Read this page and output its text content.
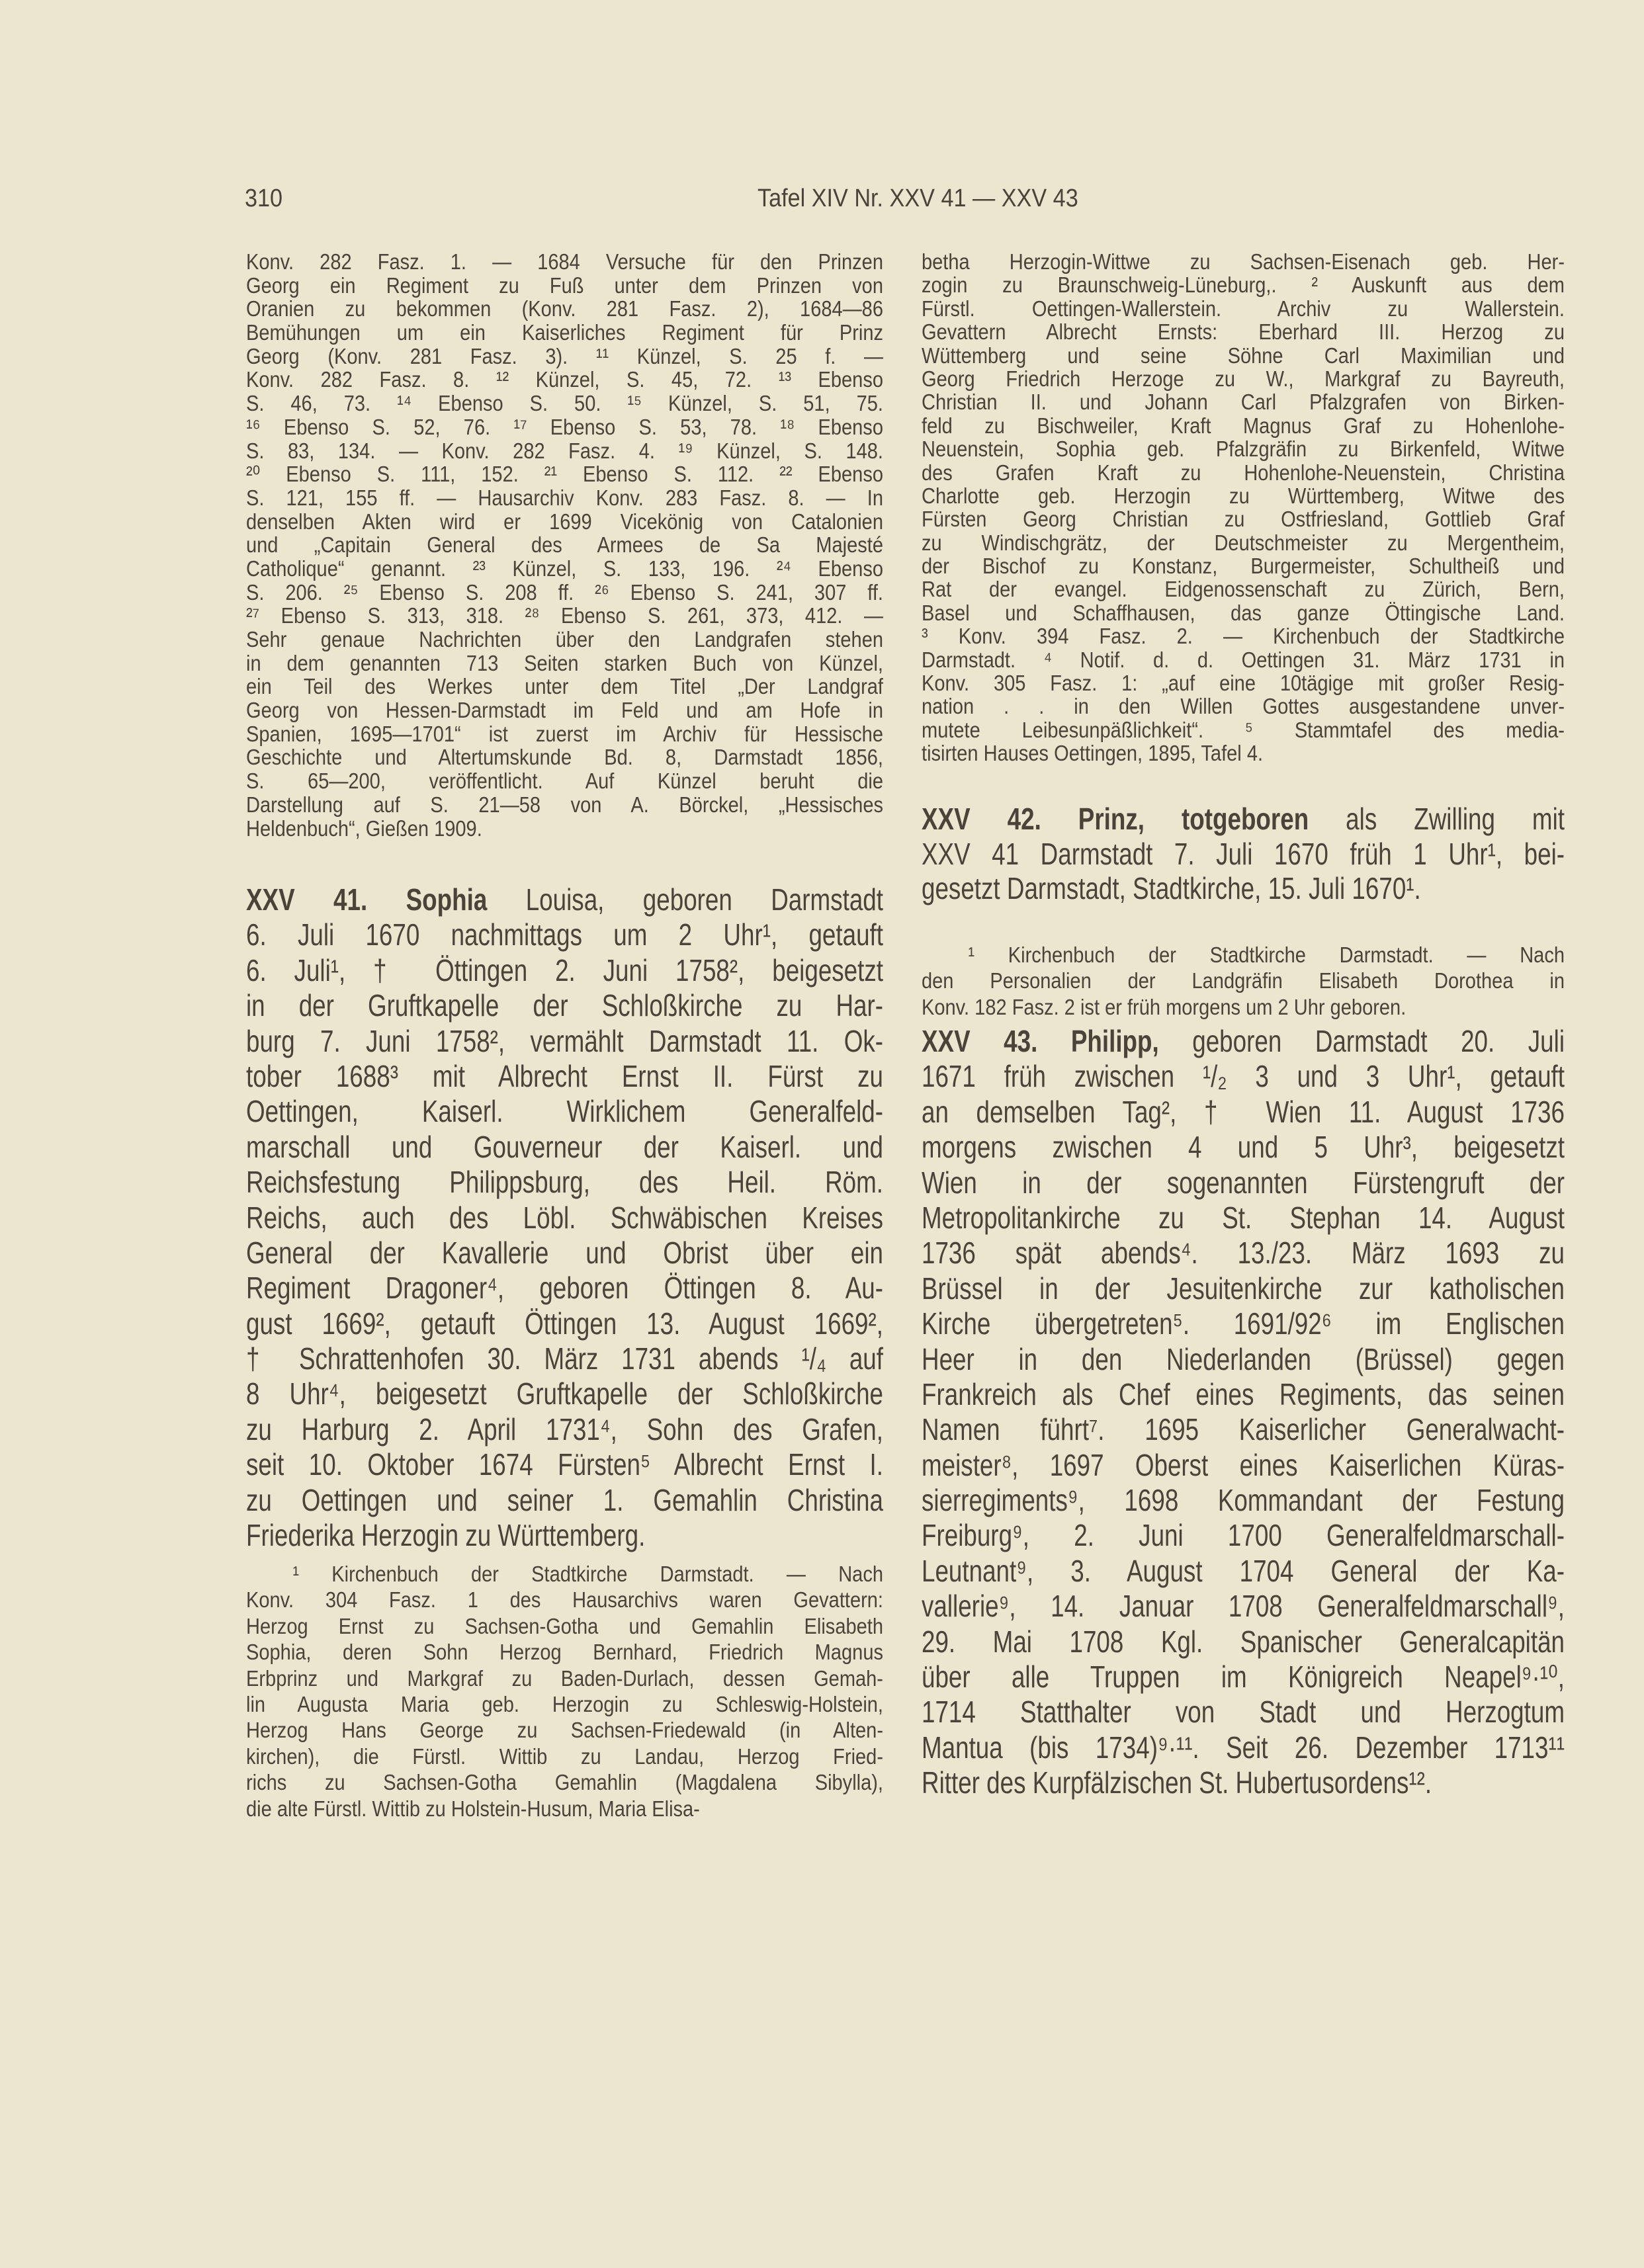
310	Tafel XIV Nr. XXV 41 — XXV 43
Konv. 282 Fasz. 1. — 1684 Versuche für den Prinzen
Georg ein Regiment zu Fuß unter dem Prinzen von
Oranien zu bekommen (Konv. 281 Fasz. 2), 1684—86
Bemühungen um ein Kaiserliches Regiment für Prinz
Georg (Konv. 281 Fasz. 3). ¹¹ Künzel, S. 25 f. —
Konv. 282 Fasz. 8. ¹² Künzel, S. 45, 72. ¹³ Ebenso
S. 46, 73. ¹⁴ Ebenso S. 50. ¹⁵ Künzel, S. 51, 75.
¹⁶ Ebenso S. 52, 76. ¹⁷ Ebenso S. 53, 78. ¹⁸ Ebenso
S. 83, 134. — Konv. 282 Fasz. 4. ¹⁹ Künzel, S. 148.
²⁰ Ebenso S. 111, 152. ²¹ Ebenso S. 112. ²² Ebenso
S. 121, 155 ff. — Hausarchiv Konv. 283 Fasz. 8. — In
denselben Akten wird er 1699 Vicekönig von Catalonien
und „Capitain General des Armees de Sa Majesté
Catholique“ genannt. ²³ Künzel, S. 133, 196. ²⁴ Ebenso
S. 206. ²⁵ Ebenso S. 208 ff. ²⁶ Ebenso S. 241, 307 ff.
²⁷ Ebenso S. 313, 318. ²⁸ Ebenso S. 261, 373, 412. —
Sehr genaue Nachrichten über den Landgrafen stehen
in dem genannten 713 Seiten starken Buch von Künzel,
ein Teil des Werkes unter dem Titel „Der Landgraf
Georg von Hessen-Darmstadt im Feld und am Hofe in
Spanien, 1695—1701“ ist zuerst im Archiv für Hessische
Geschichte und Altertumskunde Bd. 8, Darmstadt 1856,
S. 65—200, veröffentlicht. Auf Künzel beruht die
Darstellung auf S. 21—58 von A. Börckel, „Hessisches
Heldenbuch“, Gießen 1909.
XXV 41. Sophia Louisa, geboren Darmstadt
6. Juli 1670 nachmittags um 2 Uhr¹, getauft
6. Juli¹, † Öttingen 2. Juni 1758², beigesetzt
in der Gruftkapelle der Schloßkirche zu Har-
burg 7. Juni 1758², vermählt Darmstadt 11. Ok-
tober 1688³ mit Albrecht Ernst II. Fürst zu
Oettingen, Kaiserl. Wirklichem Generalfeld-
marschall und Gouverneur der Kaiserl. und
Reichsfestung Philippsburg, des Heil. Röm.
Reichs, auch des Löbl. Schwäbischen Kreises
General der Kavallerie und Obrist über ein
Regiment Dragoner⁴, geboren Öttingen 8. Au-
gust 1669², getauft Öttingen 13. August 1669²,
† Schrattenhofen 30. März 1731 abends ¹/₄ auf
8 Uhr⁴, beigesetzt Gruftkapelle der Schloßkirche
zu Harburg 2. April 1731⁴, Sohn des Grafen,
seit 10. Oktober 1674 Fürsten⁵ Albrecht Ernst I.
zu Oettingen und seiner 1. Gemahlin Christina
Friederika Herzogin zu Württemberg.
¹ Kirchenbuch der Stadtkirche Darmstadt. — Nach
Konv. 304 Fasz. 1 des Hausarchivs waren Gevattern:
Herzog Ernst zu Sachsen-Gotha und Gemahlin Elisabeth
Sophia, deren Sohn Herzog Bernhard, Friedrich Magnus
Erbprinz und Markgraf zu Baden-Durlach, dessen Gemah-
lin Augusta Maria geb. Herzogin zu Schleswig-Holstein,
Herzog Hans George zu Sachsen-Friedewald (in Alten-
kirchen), die Fürstl. Wittib zu Landau, Herzog Fried-
richs zu Sachsen-Gotha Gemahlin (Magdalena Sibylla),
die alte Fürstl. Wittib zu Holstein-Husum, Maria Elisa-
betha Herzogin-Wittwe zu Sachsen-Eisenach geb. Her-
zogin zu Braunschweig-Lüneburg,. ² Auskunft aus dem
Fürstl. Oettingen-Wallerstein. Archiv zu Wallerstein.
Gevattern Albrecht Ernsts: Eberhard III. Herzog zu
Wüttemberg und seine Söhne Carl Maximilian und
Georg Friedrich Herzoge zu W., Markgraf zu Bayreuth,
Christian II. und Johann Carl Pfalzgrafen von Birken-
feld zu Bischweiler, Kraft Magnus Graf zu Hohenlohe-
Neuenstein, Sophia geb. Pfalzgräfin zu Birkenfeld, Witwe
des Grafen Kraft zu Hohenlohe-Neuenstein, Christina
Charlotte geb. Herzogin zu Württemberg, Witwe des
Fürsten Georg Christian zu Ostfriesland, Gottlieb Graf
zu Windischgrätz, der Deutschmeister zu Mergentheim,
der Bischof zu Konstanz, Burgermeister, Schultheiß und
Rat der evangel. Eidgenossenschaft zu Zürich, Bern,
Basel und Schaffhausen, das ganze Öttingische Land.
³ Konv. 394 Fasz. 2. — Kirchenbuch der Stadtkirche
Darmstadt. ⁴ Notif. d. d. Oettingen 31. März 1731 in
Konv. 305 Fasz. 1: „auf eine 10tägige mit großer Resig-
nation . . in den Willen Gottes ausgestandene unver-
mutete Leibesunpäßlichkeit“. ⁵ Stammtafel des media-
tisirten Hauses Oettingen, 1895, Tafel 4.
XXV 42. Prinz, totgeboren als Zwilling mit
XXV 41 Darmstadt 7. Juli 1670 früh 1 Uhr¹, bei-
gesetzt Darmstadt, Stadtkirche, 15. Juli 1670¹.
¹ Kirchenbuch der Stadtkirche Darmstadt. — Nach
den Personalien der Landgräfin Elisabeth Dorothea in
Konv. 182 Fasz. 2 ist er früh morgens um 2 Uhr geboren.
XXV 43. Philipp, geboren Darmstadt 20. Juli
1671 früh zwischen ¹/₂ 3 und 3 Uhr¹, getauft
an demselben Tag², † Wien 11. August 1736
morgens zwischen 4 und 5 Uhr³, beigesetzt
Wien in der sogenannten Fürstengruft der
Metropolitankirche zu St. Stephan 14. August
1736 spät abends⁴. 13./23. März 1693 zu
Brüssel in der Jesuitenkirche zur katholischen
Kirche übergetreten⁵. 1691/92⁶ im Englischen
Heer in den Niederlanden (Brüssel) gegen
Frankreich als Chef eines Regiments, das seinen
Namen führt⁷. 1695 Kaiserlicher Generalwacht-
meister⁸, 1697 Oberst eines Kaiserlichen Küras-
sierregiments⁹, 1698 Kommandant der Festung
Freiburg⁹, 2. Juni 1700 Generalfeldmarschall-
Leutnant⁹, 3. August 1704 General der Ka-
vallerie⁹, 14. Januar 1708 Generalfeldmarschall⁹,
29. Mai 1708 Kgl. Spanischer Generalcapitän
über alle Truppen im Königreich Neapel⁹·¹⁰,
1714 Statthalter von Stadt und Herzogtum
Mantua (bis 1734)⁹·¹¹. Seit 26. Dezember 1713¹¹
Ritter des Kurpfälzischen St. Hubertusordens¹².
